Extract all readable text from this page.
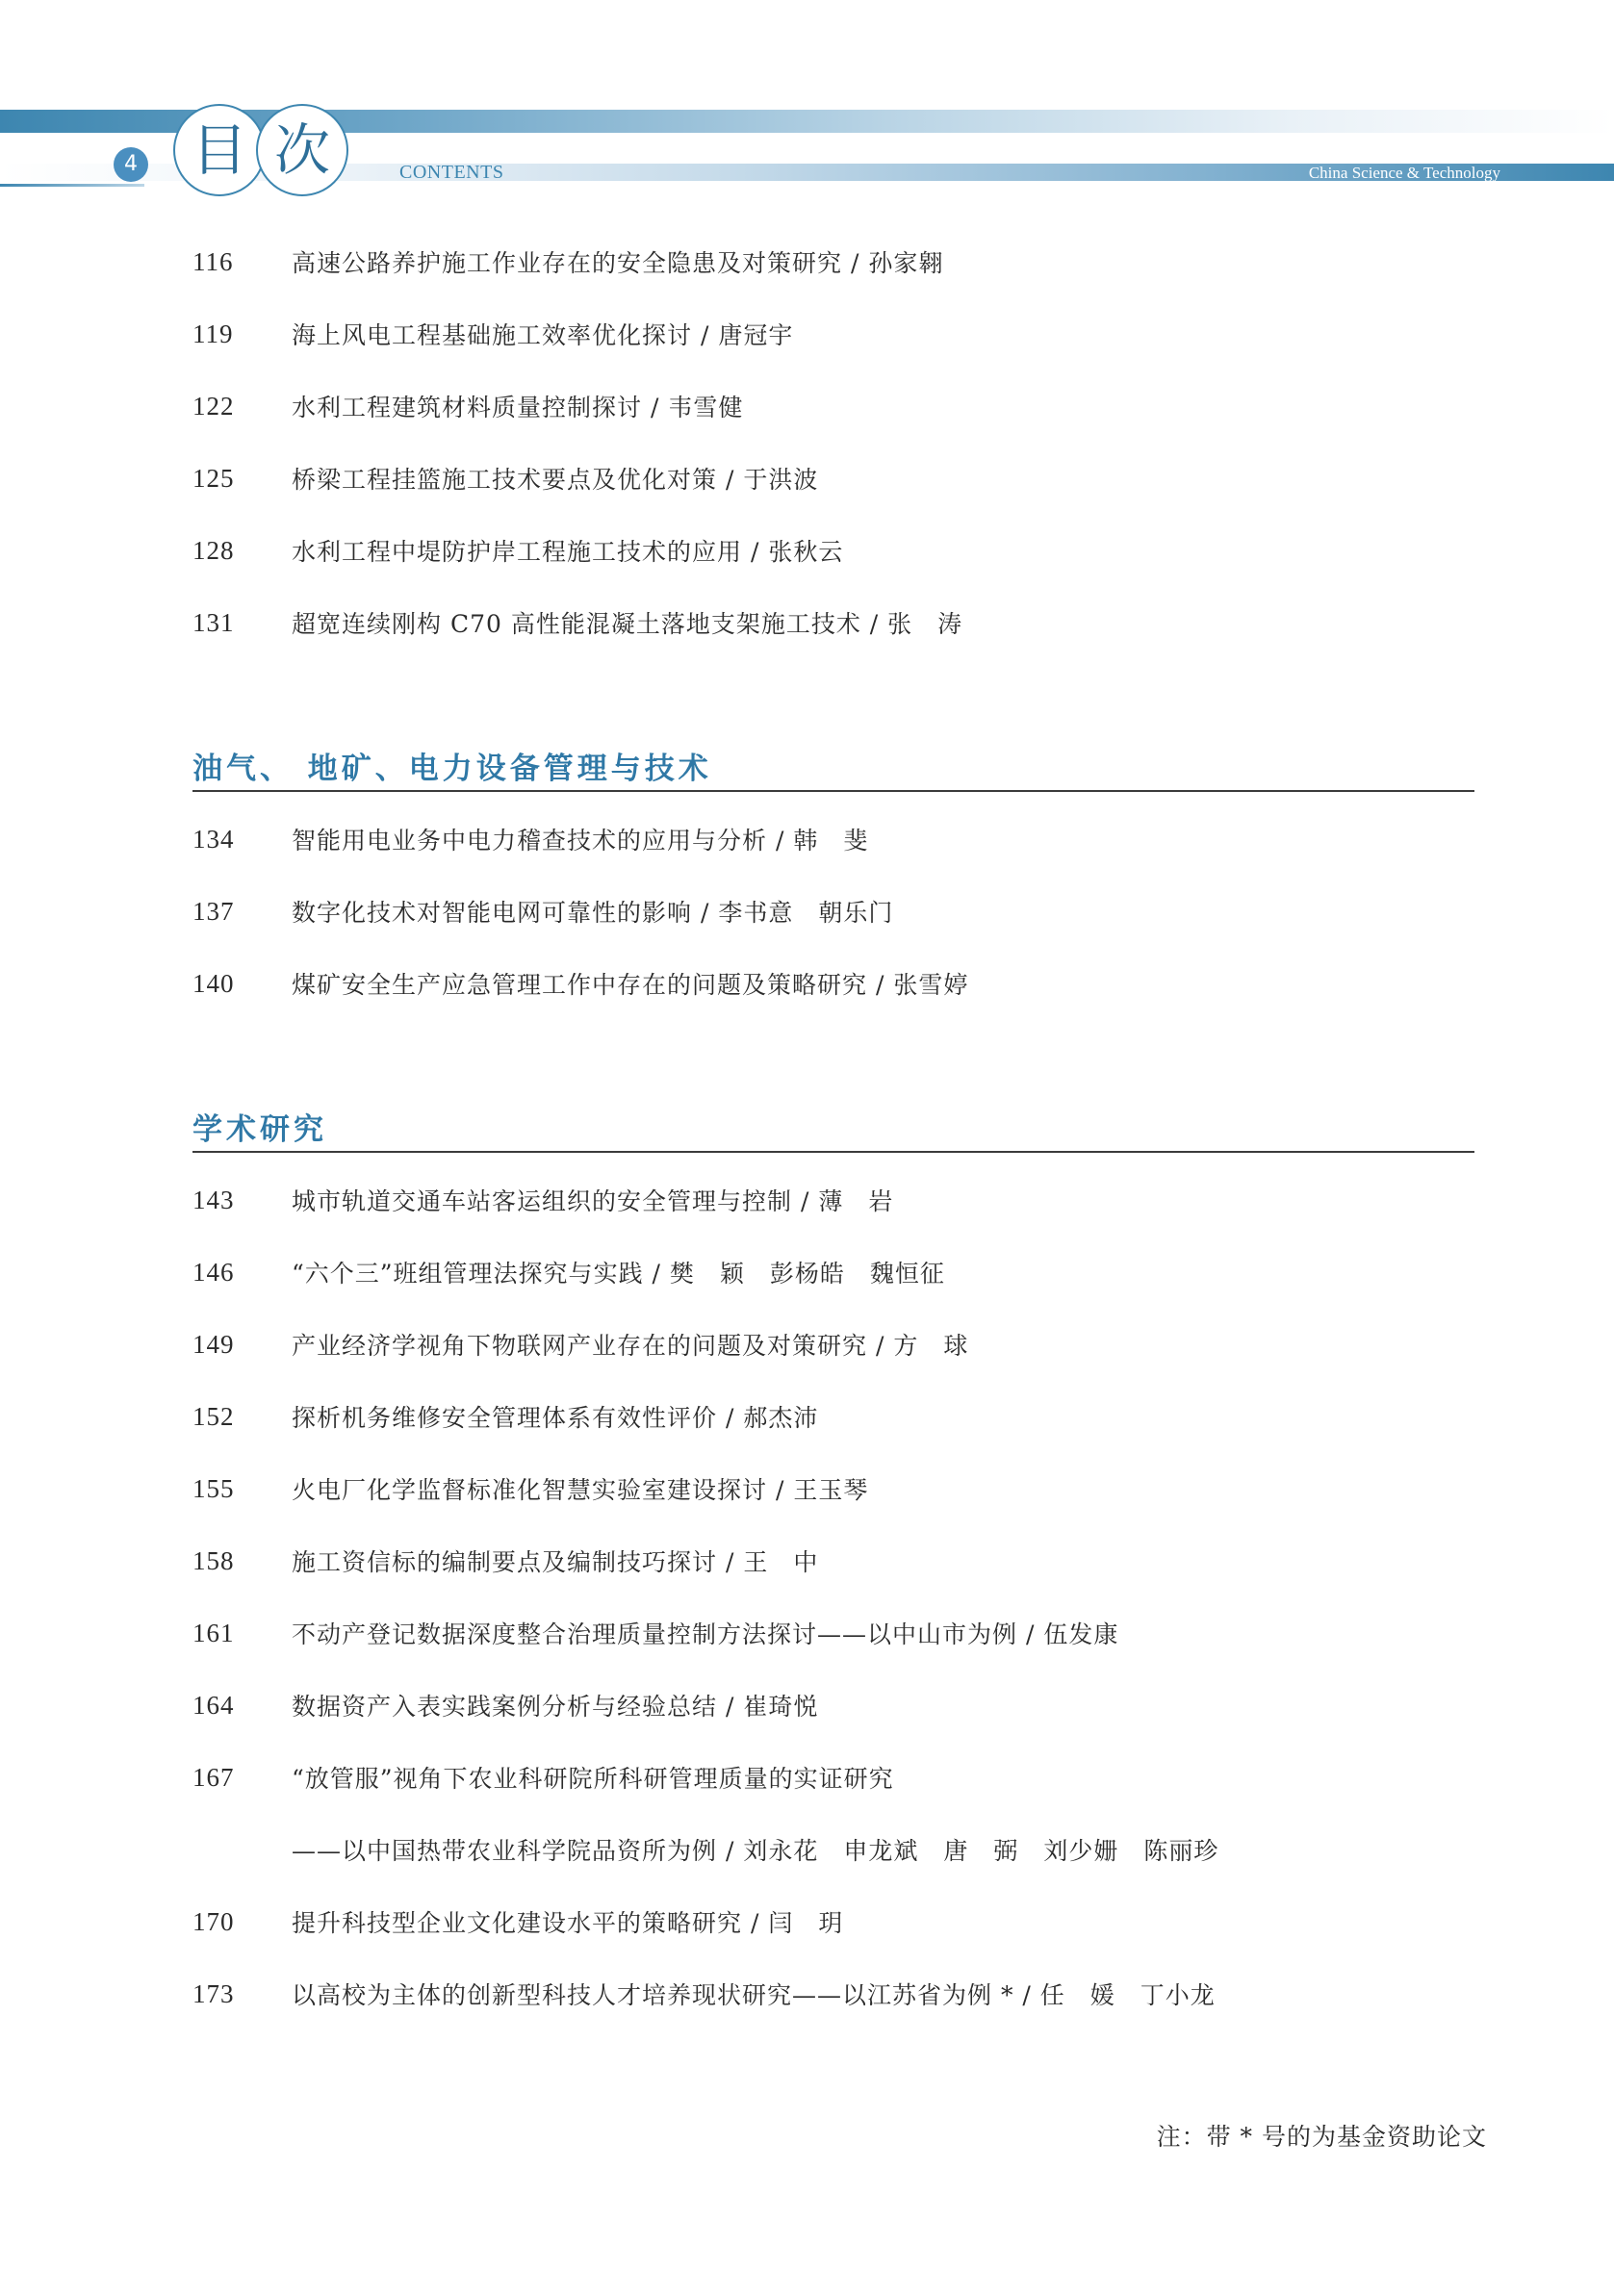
4 目 次	CONTENTS	China Science & Technology
116	高速公路养护施工作业存在的安全隐患及对策研究 / 孙家翱
119	海上风电工程基础施工效率优化探讨 / 唐冠宇
122	水利工程建筑材料质量控制探讨 / 韦雪健
125	桥梁工程挂篮施工技术要点及优化对策 / 于洪波
128	水利工程中堤防护岸工程施工技术的应用 / 张秋云
131	超宽连续刚构 C70 高性能混凝土落地支架施工技术 / 张　涛
油气、 地矿、电力设备管理与技术
134	智能用电业务中电力稽查技术的应用与分析 / 韩　斐
137	数字化技术对智能电网可靠性的影响 / 李书意　朝乐门
140	煤矿安全生产应急管理工作中存在的问题及策略研究 / 张雪婷
学术研究
143	城市轨道交通车站客运组织的安全管理与控制 / 薄　岩
146	“六个三”班组管理法探究与实践 / 樊　颖　彭杨皓　魏恒征
149	产业经济学视角下物联网产业存在的问题及对策研究 / 方　球
152	探析机务维修安全管理体系有效性评价 / 郝杰沛
155	火电厂化学监督标准化智慧实验室建设探讨 / 王玉琴
158	施工资信标的编制要点及编制技巧探讨 / 王　中
161	不动产登记数据深度整合治理质量控制方法探讨——以中山市为例 / 伍发康
164	数据资产入表实践案例分析与经验总结 / 崔琦悦
167	“放管服”视角下农业科研院所科研管理质量的实证研究
——以中国热带农业科学院品资所为例 / 刘永花　申龙斌　唐　弼　刘少姗　陈丽珍
170	提升科技型企业文化建设水平的策略研究 / 闫　玥
173	以高校为主体的创新型科技人才培养现状研究——以江苏省为例 * / 任　媛　丁小龙
注：带 * 号的为基金资助论文
